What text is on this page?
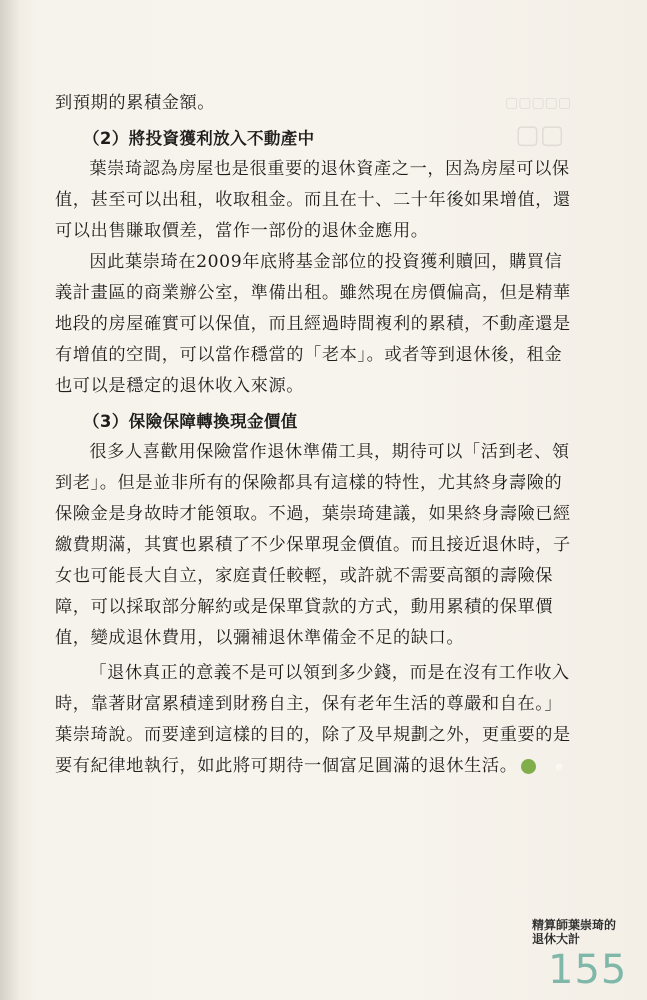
▢▢▢▢▢
▢▢

到預期的累積金額。

（2）將投資獲利放入不動產中

葉崇琦認為房屋也是很重要的退休資產之一，因為房屋可以保值，甚至可以出租，收取租金。而且在十、二十年後如果增值，還可以出售賺取價差，當作一部份的退休金應用。

因此葉崇琦在2009年底將基金部位的投資獲利贖回，購買信義計畫區的商業辦公室，準備出租。雖然現在房價偏高，但是精華地段的房屋確實可以保值，而且經過時間複利的累積，不動產還是有增值的空間，可以當作穩當的「老本」。或者等到退休後，租金也可以是穩定的退休收入來源。

（3）保險保障轉換現金價值

很多人喜歡用保險當作退休準備工具，期待可以「活到老、領到老」。但是並非所有的保險都具有這樣的特性，尤其終身壽險的保險金是身故時才能領取。不過，葉崇琦建議，如果終身壽險已經繳費期滿，其實也累積了不少保單現金價值。而且接近退休時，子女也可能長大自立，家庭責任較輕，或許就不需要高額的壽險保障，可以採取部分解約或是保單貸款的方式，動用累積的保單價值，變成退休費用，以彌補退休準備金不足的缺口。

「退休真正的意義不是可以領到多少錢，而是在沒有工作收入時，靠著財富累積達到財務自主，保有老年生活的尊嚴和自在。」葉崇琦說。而要達到這樣的目的，除了及早規劃之外，更重要的是要有紀律地執行，如此將可期待一個富足圓滿的退休生活。	e

精算師葉崇琦的
退休大計
155
